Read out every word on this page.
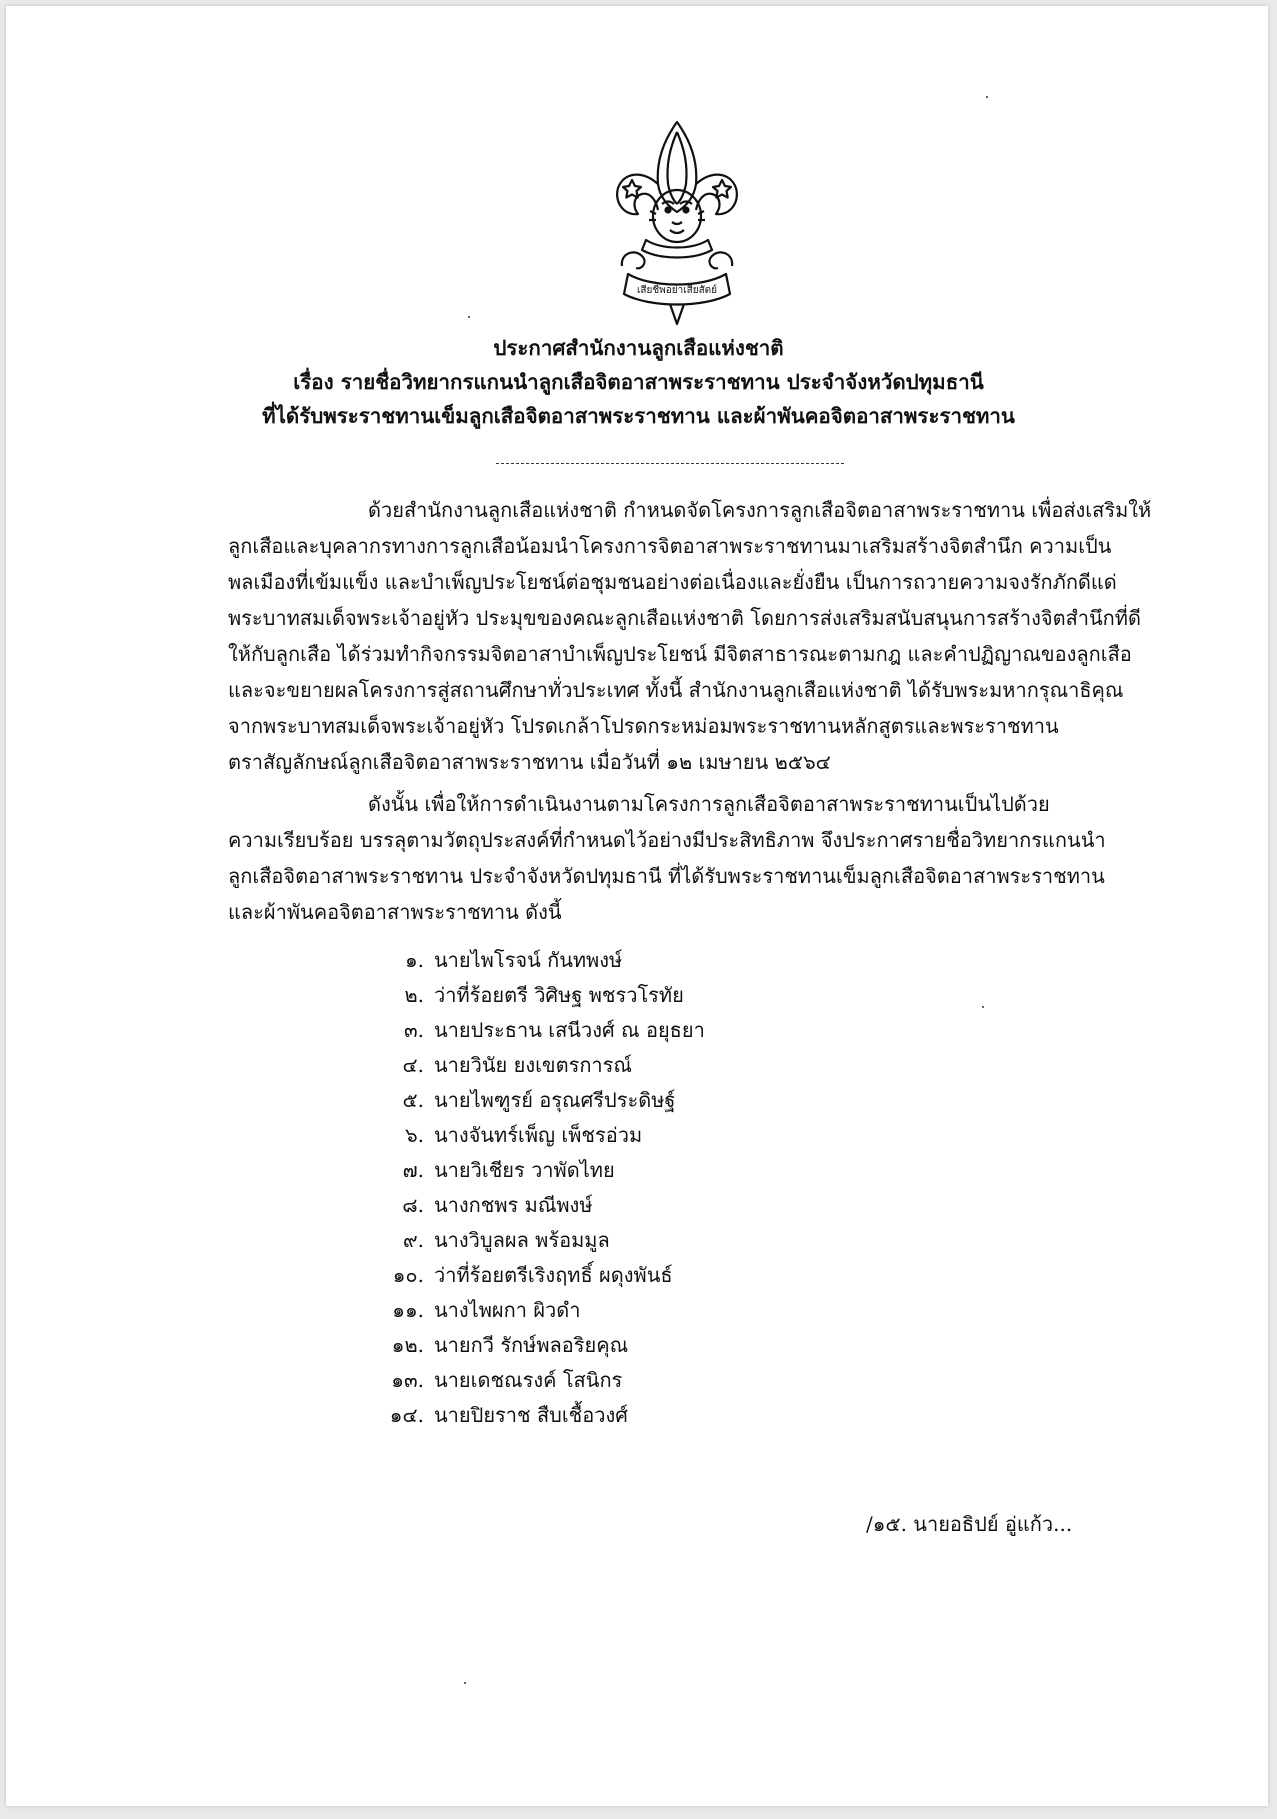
เสียชีพอย่าเสียสัตย์
ประกาศสำนักงานลูกเสือแห่งชาติ
เรื่อง รายชื่อวิทยากรแกนนำลูกเสือจิตอาสาพระราชทาน ประจำจังหวัดปทุมธานี
ที่ได้รับพระราชทานเข็มลูกเสือจิตอาสาพระราชทาน และผ้าพันคอจิตอาสาพระราชทาน
ด้วยสำนักงานลูกเสือแห่งชาติ กำหนดจัดโครงการลูกเสือจิตอาสาพระราชทาน เพื่อส่งเสริมให้
ลูกเสือและบุคลากรทางการลูกเสือน้อมนำโครงการจิตอาสาพระราชทานมาเสริมสร้างจิตสำนึก ความเป็น
พลเมืองที่เข้มแข็ง และบำเพ็ญประโยชน์ต่อชุมชนอย่างต่อเนื่องและยั่งยืน เป็นการถวายความจงรักภักดีแด่
พระบาทสมเด็จพระเจ้าอยู่หัว ประมุขของคณะลูกเสือแห่งชาติ โดยการส่งเสริมสนับสนุนการสร้างจิตสำนึกที่ดี
ให้กับลูกเสือ ได้ร่วมทำกิจกรรมจิตอาสาบำเพ็ญประโยชน์ มีจิตสาธารณะตามกฎ และคำปฏิญาณของลูกเสือ
และจะขยายผลโครงการสู่สถานศึกษาทั่วประเทศ ทั้งนี้ สำนักงานลูกเสือแห่งชาติ ได้รับพระมหากรุณาธิคุณ
จากพระบาทสมเด็จพระเจ้าอยู่หัว โปรดเกล้าโปรดกระหม่อมพระราชทานหลักสูตรและพระราชทาน
ตราสัญลักษณ์ลูกเสือจิตอาสาพระราชทาน เมื่อวันที่ ๑๒ เมษายน ๒๕๖๔
ดังนั้น เพื่อให้การดำเนินงานตามโครงการลูกเสือจิตอาสาพระราชทานเป็นไปด้วย
ความเรียบร้อย บรรลุตามวัตถุประสงค์ที่กำหนดไว้อย่างมีประสิทธิภาพ จึงประกาศรายชื่อวิทยากรแกนนำ
ลูกเสือจิตอาสาพระราชทาน ประจำจังหวัดปทุมธานี ที่ได้รับพระราชทานเข็มลูกเสือจิตอาสาพระราชทาน
และผ้าพันคอจิตอาสาพระราชทาน ดังนี้
๑. นายไพโรจน์ กันทพงษ์
๒. ว่าที่ร้อยตรี วิศิษฐ พชรวโรทัย
๓. นายประธาน เสนีวงศ์ ณ อยุธยา
๔. นายวินัย ยงเขตรการณ์
๕. นายไพฑูรย์ อรุณศรีประดิษฐ์
๖. นางจันทร์เพ็ญ เพ็ชรอ่วม
๗. นายวิเชียร วาพัดไทย
๘. นางกชพร มณีพงษ์
๙. นางวิบูลผล พร้อมมูล
๑๐. ว่าที่ร้อยตรีเริงฤทธิ์ ผดุงพันธ์
๑๑. นางไพผกา ผิวดำ
๑๒. นายกวี รักษ์พลอริยคุณ
๑๓. นายเดชณรงค์ โสนิกร
๑๔. นายปิยราช สืบเชื้อวงศ์
/๑๕. นายอธิปย์ อู่แก้ว...
